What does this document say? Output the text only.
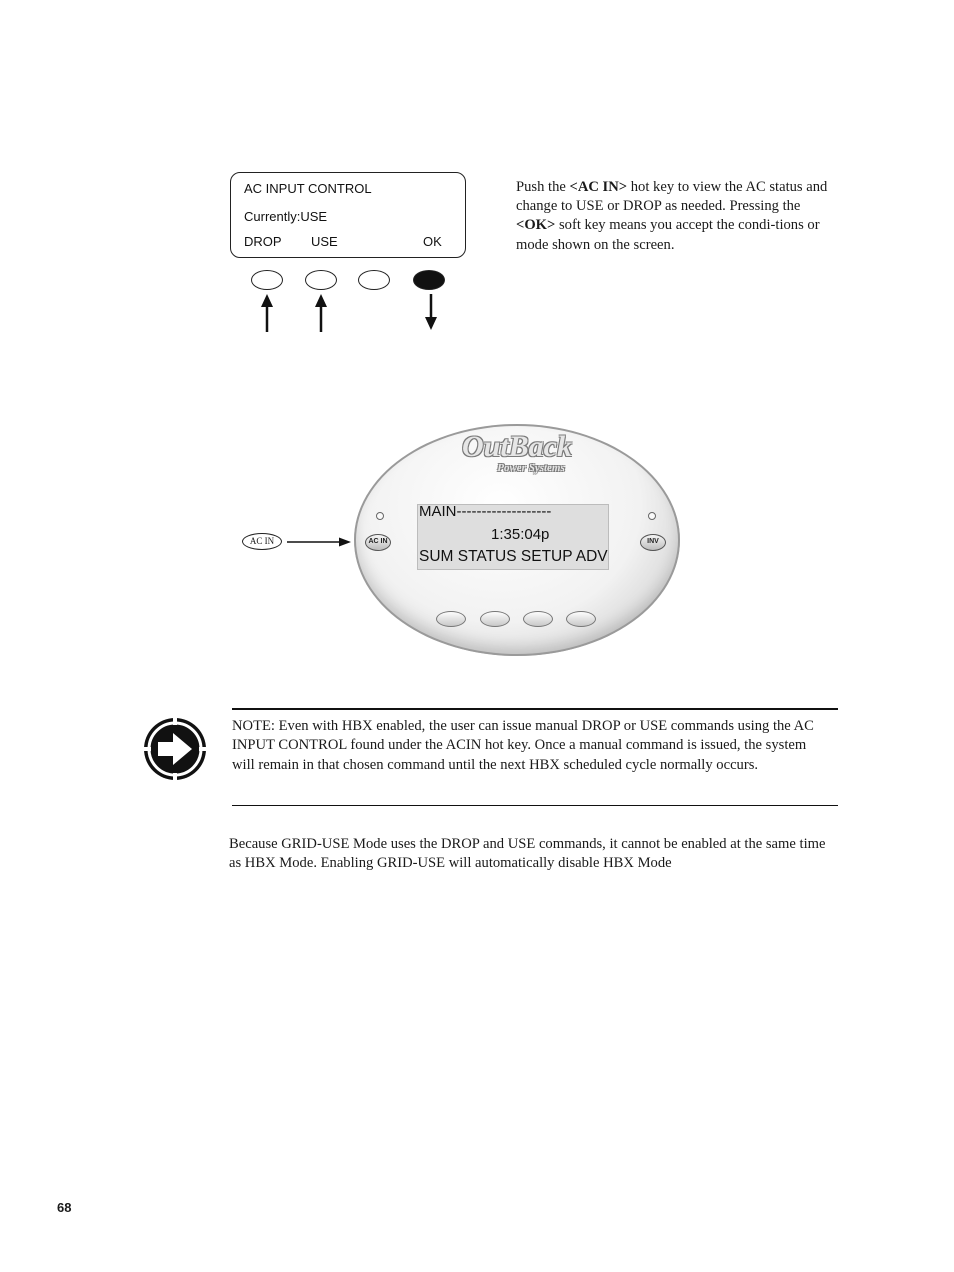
AC INPUT CONTROL
Currently:USE
DROP USE	OK
Push the <AC IN> hot key to view the AC status and change to USE or DROP as needed. Pressing the <OK> soft key means you accept the condi-tions or mode shown on the screen.
OutBack
Power Systems
AC IN	INV
MAIN-------------------
1:35:04p
SUM STATUS SETUP ADV
AC IN
NOTE: Even with HBX enabled, the user can issue manual DROP or USE commands using the AC INPUT CONTROL found under the ACIN hot key. Once a manual command is issued, the system will remain in that chosen command until the next HBX scheduled cycle normally occurs.
Because GRID-USE Mode uses the DROP and USE commands, it cannot be enabled at the same time as HBX Mode. Enabling GRID-USE will automatically disable HBX Mode
68
